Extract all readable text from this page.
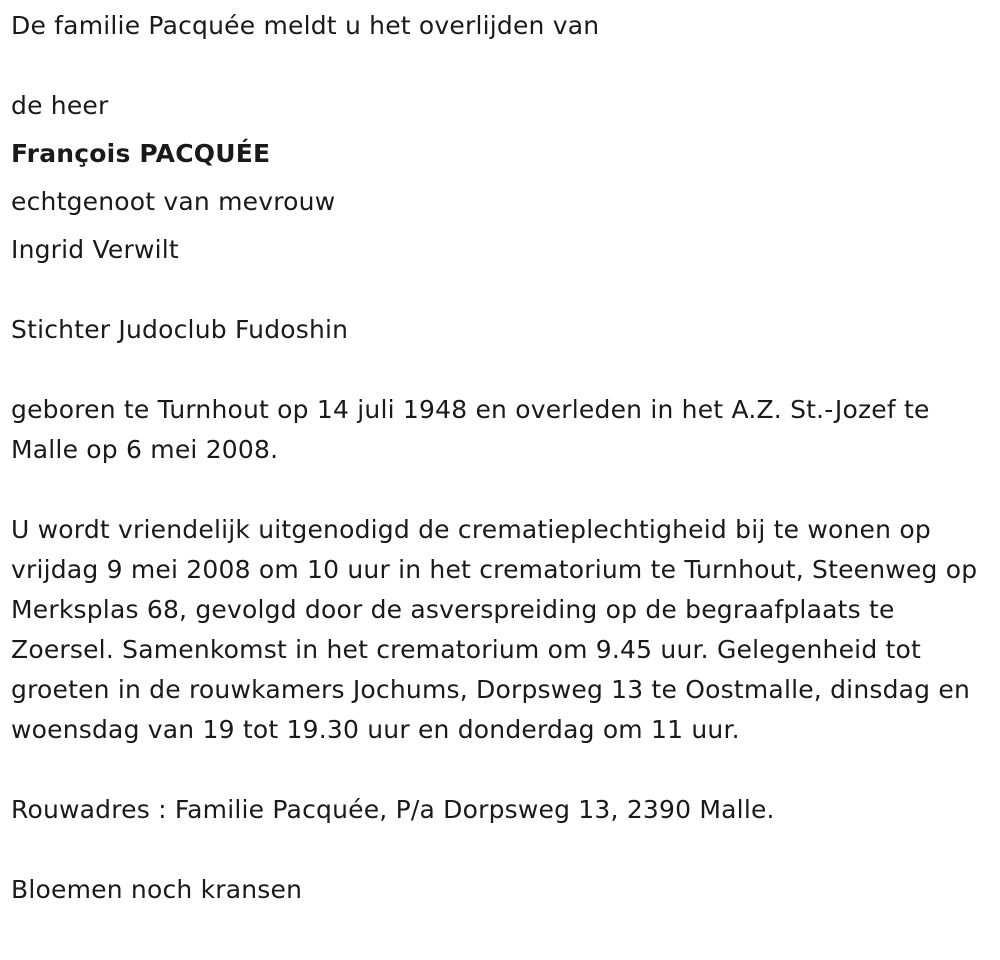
De familie Pacquée meldt u het overlijden van

de heer

François PACQUÉE

echtgenoot van mevrouw

Ingrid Verwilt

Stichter Judoclub Fudoshin

geboren te Turnhout op 14 juli 1948 en overleden in het A.Z. St.-Jozef te Malle op 6 mei 2008.

U wordt vriendelijk uitgenodigd de crematieplechtigheid bij te wonen op vrijdag 9 mei 2008 om 10 uur in het crematorium te Turnhout, Steenweg op Merksplas 68, gevolgd door de asverspreiding op de begraafplaats te Zoersel. Samenkomst in het crematorium om 9.45 uur. Gelegenheid tot groeten in de rouwkamers Jochums, Dorpsweg 13 te Oostmalle, dinsdag en woensdag van 19 tot 19.30 uur en donderdag om 11 uur.

Rouwadres : Familie Pacquée, P/a Dorpsweg 13, 2390 Malle.

Bloemen noch kransen
